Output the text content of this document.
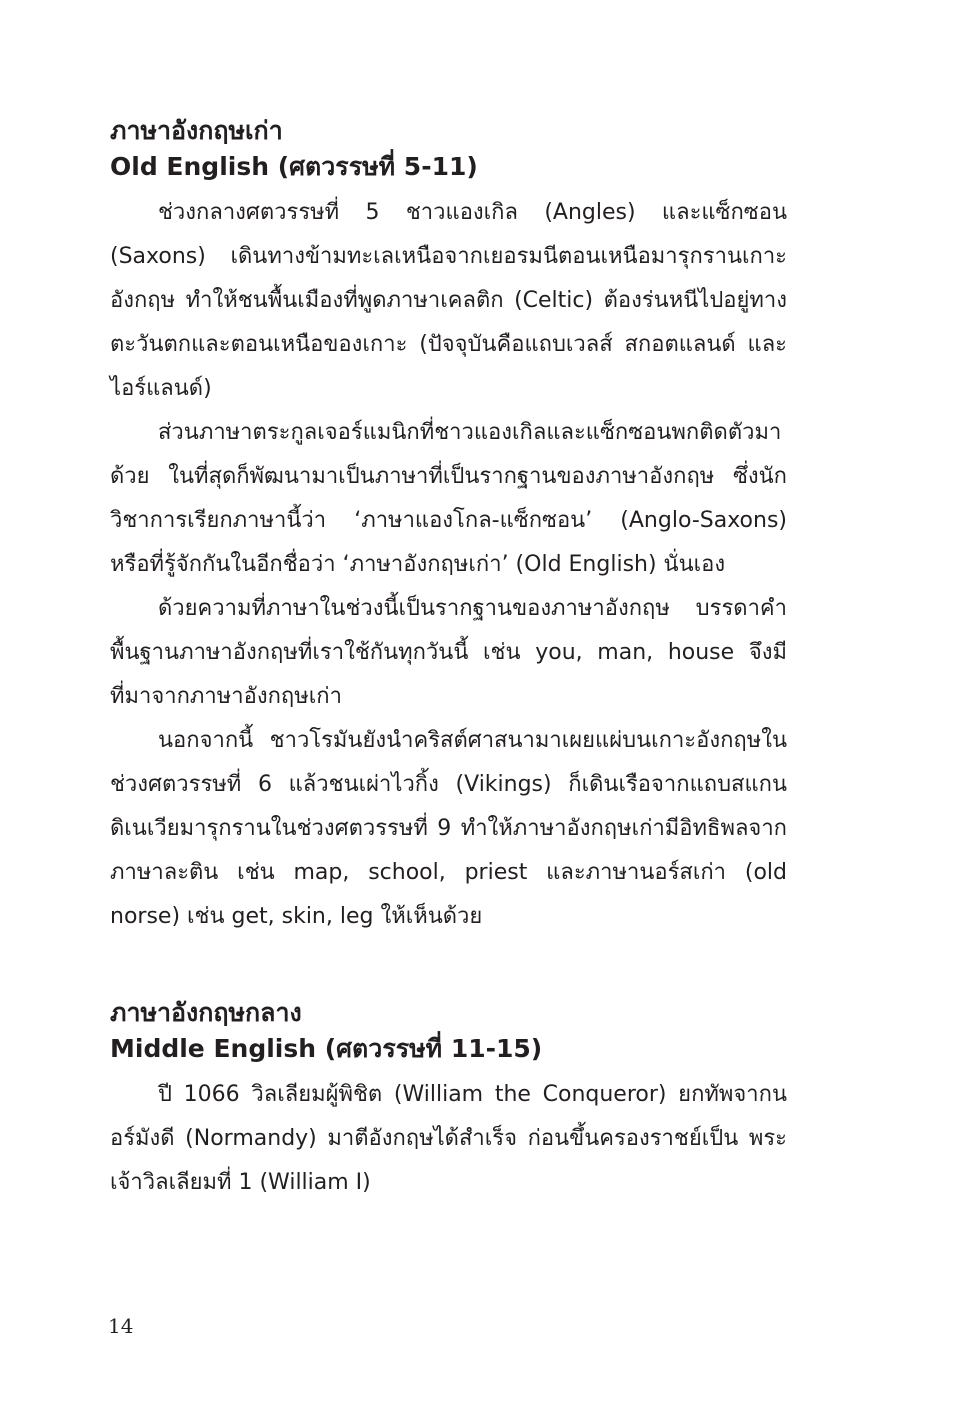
ภาษาอังกฤษเก่า
Old English (ศตวรรษที่ 5-11)

ช่วงกลางศตวรรษที่ 5 ชาวแองเกิล (Angles) และแซ็กซอน (Saxons) เดินทางข้ามทะเลเหนือจากเยอรมนีตอนเหนือมารุกรานเกาะอังกฤษ ทำให้ชนพื้นเมืองที่พูดภาษาเคลติก (Celtic) ต้องร่นหนีไปอยู่ทางตะวันตกและตอนเหนือของเกาะ (ปัจจุบันคือแถบเวลส์ สกอตแลนด์ และไอร์แลนด์)

ส่วนภาษาตระกูลเจอร์แมนิกที่ชาวแองเกิลและแซ็กซอนพกติดตัวมาด้วย ในที่สุดก็พัฒนามาเป็นภาษาที่เป็นรากฐานของภาษาอังกฤษ ซึ่งนักวิชาการเรียกภาษานี้ว่า ‘ภาษาแองโกล-แซ็กซอน’ (Anglo-Saxons) หรือที่รู้จักกันในอีกชื่อว่า ‘ภาษาอังกฤษเก่า’ (Old English) นั่นเอง

ด้วยความที่ภาษาในช่วงนี้เป็นรากฐานของภาษาอังกฤษ บรรดาคำพื้นฐานภาษาอังกฤษที่เราใช้กันทุกวันนี้ เช่น you, man, house จึงมีที่มาจากภาษาอังกฤษเก่า

นอกจากนี้ ชาวโรมันยังนำคริสต์ศาสนามาเผยแผ่บนเกาะอังกฤษในช่วงศตวรรษที่ 6 แล้วชนเผ่าไวกิ้ง (Vikings) ก็เดินเรือจากแถบสแกนดิเนเวียมารุกรานในช่วงศตวรรษที่ 9 ทำให้ภาษาอังกฤษเก่ามีอิทธิพลจากภาษาละติน เช่น map, school, priest และภาษานอร์สเก่า (old norse) เช่น get, skin, leg ให้เห็นด้วย

ภาษาอังกฤษกลาง
Middle English (ศตวรรษที่ 11-15)

ปี 1066 วิลเลียมผู้พิชิต (William the Conqueror) ยกทัพจากนอร์มังดี (Normandy) มาตีอังกฤษได้สำเร็จ ก่อนขึ้นครองราชย์เป็น พระเจ้าวิลเลียมที่ 1 (William I)

14
